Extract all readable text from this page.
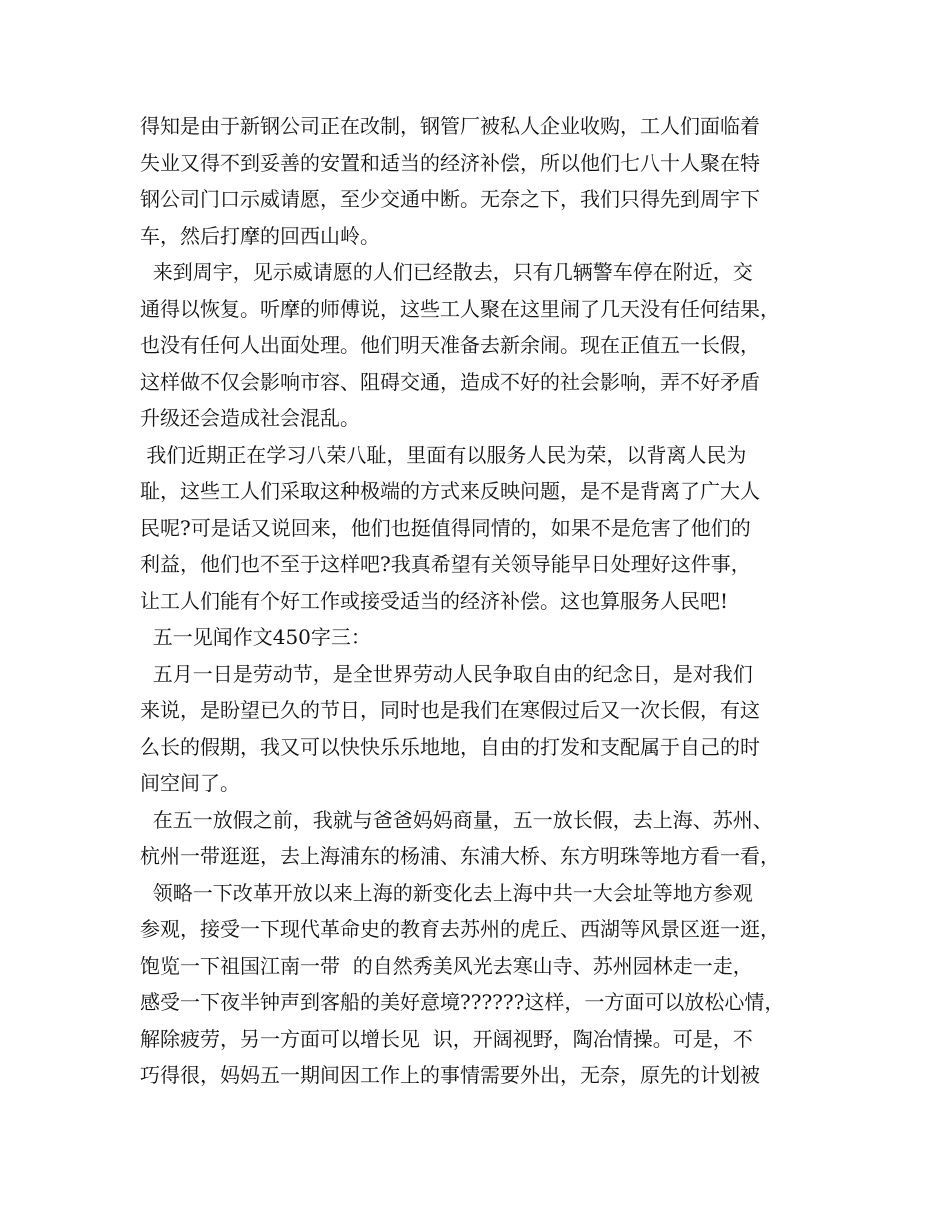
得知是由于新钢公司正在改制，钢管厂被私人企业收购，工人们面临着
失业又得不到妥善的安置和适当的经济补偿，所以他们七八十人聚在特
钢公司门口示威请愿，至少交通中断。无奈之下，我们只得先到周宇下
车，然后打摩的回西山岭。
来到周宇，见示威请愿的人们已经散去，只有几辆警车停在附近，交
通得以恢复。听摩的师傅说，这些工人聚在这里闹了几天没有任何结果，
也没有任何人出面处理。他们明天准备去新余闹。现在正值五一长假，
这样做不仅会影响市容、阻碍交通，造成不好的社会影响，弄不好矛盾
升级还会造成社会混乱。
我们近期正在学习八荣八耻，里面有以服务人民为荣，以背离人民为
耻，这些工人们采取这种极端的方式来反映问题，是不是背离了广大人
民呢?可是话又说回来，他们也挺值得同情的，如果不是危害了他们的
利益，他们也不至于这样吧?我真希望有关领导能早日处理好这件事，
让工人们能有个好工作或接受适当的经济补偿。这也算服务人民吧!
五一见闻作文450字三：
五月一日是劳动节，是全世界劳动人民争取自由的纪念日，是对我们
来说，是盼望已久的节日，同时也是我们在寒假过后又一次长假，有这
么长的假期，我又可以快快乐乐地地，自由的打发和支配属于自己的时
间空间了。
在五一放假之前，我就与爸爸妈妈商量，五一放长假，去上海、苏州、
杭州一带逛逛，去上海浦东的杨浦、东浦大桥、东方明珠等地方看一看，
领略一下改革开放以来上海的新变化去上海中共一大会址等地方参观
参观，接受一下现代革命史的教育去苏州的虎丘、西湖等风景区逛一逛，
饱览一下祖国江南一带  的自然秀美风光去寒山寺、苏州园林走一走，
感受一下夜半钟声到客船的美好意境??????这样，一方面可以放松心情，
解除疲劳，另一方面可以增长见  识，开阔视野，陶冶情操。可是，不
巧得很，妈妈五一期间因工作上的事情需要外出，无奈，原先的计划被
